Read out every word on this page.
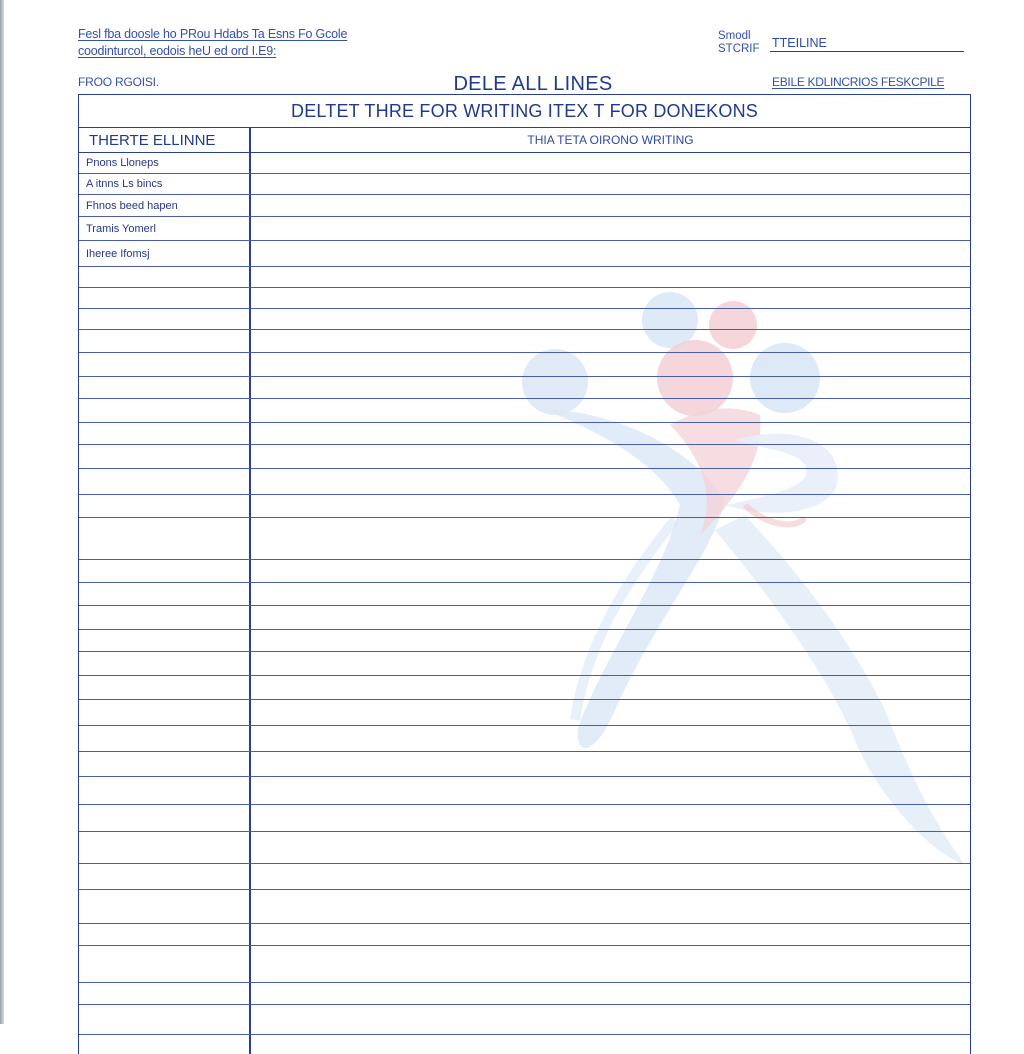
Fesl fba doosle ho PRou Hdabs Ta Esns Fo Gcole
coodinturcol, eodois heU ed ord I.E9:
FROO RGOISI.	DELE ALL LINES
Smodl
STCRIF TTEILINE
EBILE KDLINCRIOS FESKCPILE
DELTET THRE FOR WRITING ITEX T FOR DONEKONS
THERTE ELLINNE	THIA TETA OIRONO WRITING
Pnons Lloneps
A itnns Ls bincs
Fhnos beed hapen
Tramis Yomerl
Iheree Ifomsj
